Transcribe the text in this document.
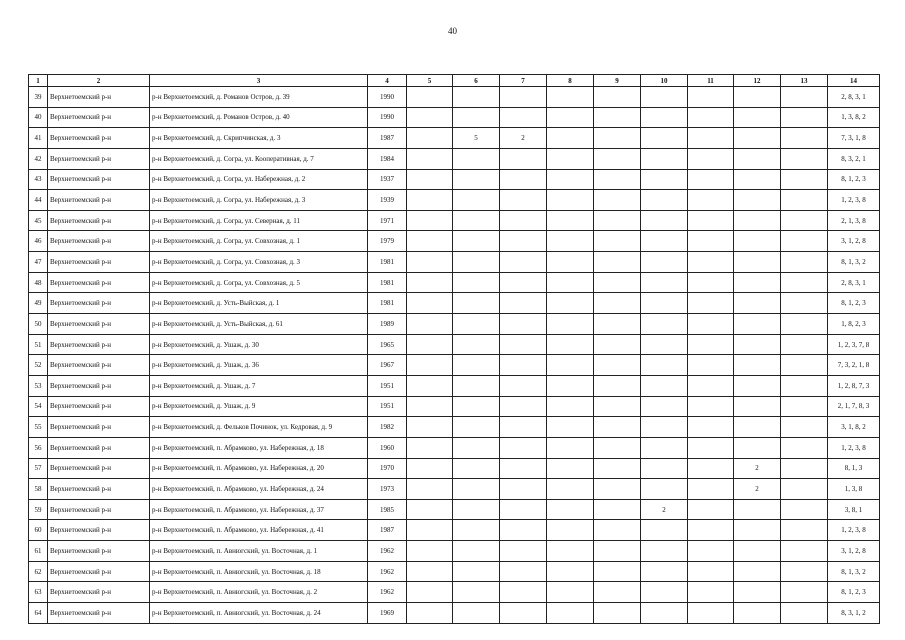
40
1	2	3	4	5	6	7	8	9	10	11	12	13	14
39	Верхнетоемский р-н	р-н Верхнетоемский, д. Романов Остров, д. 39	1990										2, 8, 3, 1
40	Верхнетоемский р-н	р-н Верхнетоемский, д. Романов Остров, д. 40	1990										1, 3, 8, 2
41	Верхнетоемский р-н	р-н Верхнетоемский, д. Скрипчинская, д. 3	1987		5	2							7, 3, 1, 8
42	Верхнетоемский р-н	р-н Верхнетоемский, д. Согра, ул. Кооперативная, д. 7	1984										8, 3, 2, 1
43	Верхнетоемский р-н	р-н Верхнетоемский, д. Согра, ул. Набережная, д. 2	1937										8, 1, 2, 3
44	Верхнетоемский р-н	р-н Верхнетоемский, д. Согра, ул. Набережная, д. 3	1939										1, 2, 3, 8
45	Верхнетоемский р-н	р-н Верхнетоемский, д. Согра, ул. Северная, д. 11	1971										2, 1, 3, 8
46	Верхнетоемский р-н	р-н Верхнетоемский, д. Согра, ул. Совхозная, д. 1	1979										3, 1, 2, 8
47	Верхнетоемский р-н	р-н Верхнетоемский, д. Согра, ул. Совхозная, д. 3	1981										8, 1, 3, 2
48	Верхнетоемский р-н	р-н Верхнетоемский, д. Согра, ул. Совхозная, д. 5	1981										2, 8, 3, 1
49	Верхнетоемский р-н	р-н Верхнетоемский, д. Усть-Выйская, д. 1	1981										8, 1, 2, 3
50	Верхнетоемский р-н	р-н Верхнетоемский, д. Усть-Выйская, д. 61	1989										1, 8, 2, 3
51	Верхнетоемский р-н	р-н Верхнетоемский, д. Ушаж, д. 30	1965										1, 2, 3, 7, 8
52	Верхнетоемский р-н	р-н Верхнетоемский, д. Ушаж, д. 36	1967										7, 3, 2, 1, 8
53	Верхнетоемский р-н	р-н Верхнетоемский, д. Ушаж, д. 7	1951										1, 2, 8, 7, 3
54	Верхнетоемский р-н	р-н Верхнетоемский, д. Ушаж, д. 9	1951										2, 1, 7, 8, 3
55	Верхнетоемский р-н	р-н Верхнетоемский, д. Фельков Починок, ул. Кедровая, д. 9	1982										3, 1, 8, 2
56	Верхнетоемский р-н	р-н Верхнетоемский, п. Абрамково, ул. Набережная, д. 18	1960										1, 2, 3, 8
57	Верхнетоемский р-н	р-н Верхнетоемский, п. Абрамково, ул. Набережная, д. 20	1970								2		8, 1, 3
58	Верхнетоемский р-н	р-н Верхнетоемский, п. Абрамково, ул. Набережная, д. 24	1973								2		1, 3, 8
59	Верхнетоемский р-н	р-н Верхнетоемский, п. Абрамково, ул. Набережная, д. 37	1985						2				3, 8, 1
60	Верхнетоемский р-н	р-н Верхнетоемский, п. Абрамково, ул. Набережная, д. 41	1987										1, 2, 3, 8
61	Верхнетоемский р-н	р-н Верхнетоемский, п. Авнюгский, ул. Восточная, д. 1	1962										3, 1, 2, 8
62	Верхнетоемский р-н	р-н Верхнетоемский, п. Авнюгский, ул. Восточная, д. 18	1962										8, 1, 3, 2
63	Верхнетоемский р-н	р-н Верхнетоемский, п. Авнюгский, ул. Восточная, д. 2	1962										8, 1, 2, 3
64	Верхнетоемский р-н	р-н Верхнетоемский, п. Авнюгский, ул. Восточная, д. 24	1969										8, 3, 1, 2
